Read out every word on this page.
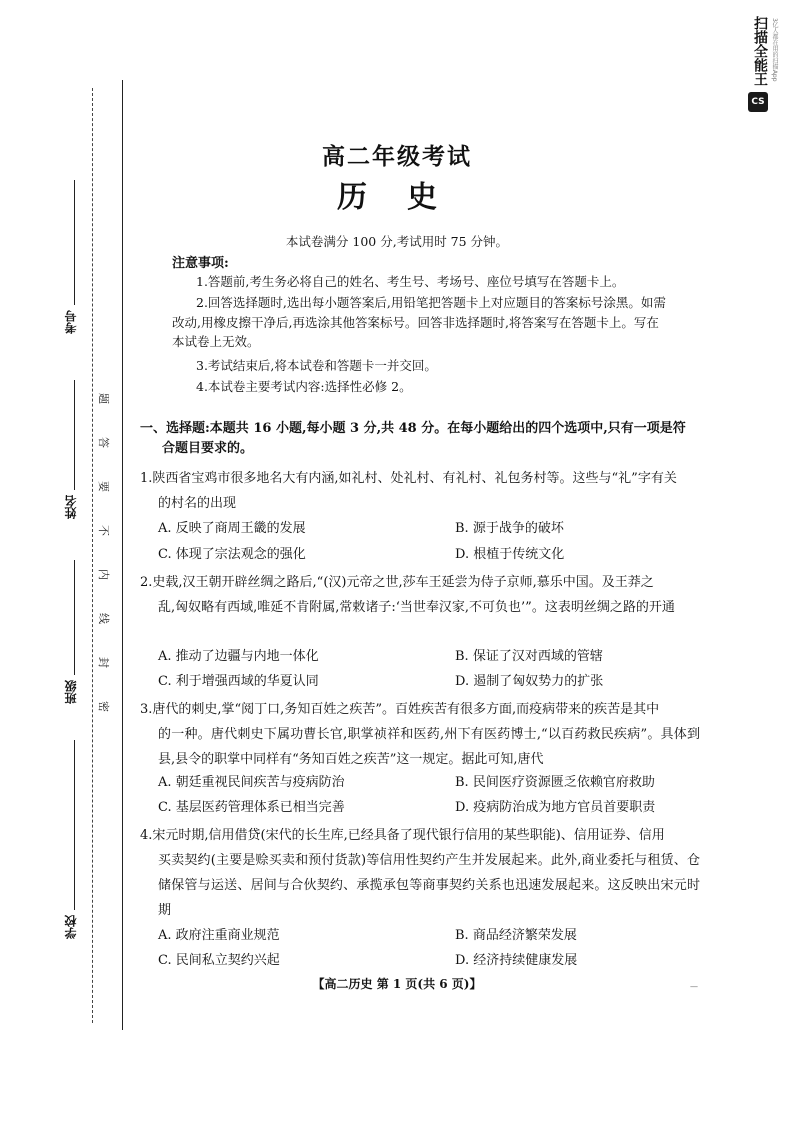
扫描全能王 3亿人都在用的扫描App
CS
考号
姓名
班级
学校
题
答
要
不
内
线
封
密
高二年级考试
历史
本试卷满分 100 分,考试用时 75 分钟。
注意事项:
1.答题前,考生务必将自己的姓名、考生号、考场号、座位号填写在答题卡上。
2.回答选择题时,选出每小题答案后,用铅笔把答题卡上对应题目的答案标号涂黑。如需改动,用橡皮擦干净后,再选涂其他答案标号。回答非选择题时,将答案写在答题卡上。写在本试卷上无效。
3.考试结束后,将本试卷和答题卡一并交回。
4.本试卷主要考试内容:选择性必修 2。
一、选择题:本题共 16 小题,每小题 3 分,共 48 分。在每小题给出的四个选项中,只有一项是符
合题目要求的。
1.陕西省宝鸡市很多地名大有内涵,如礼村、处礼村、有礼村、礼包务村等。这些与“礼”字有关
的村名的出现
A. 反映了商周王畿的发展	B. 源于战争的破坏
C. 体现了宗法观念的强化	D. 根植于传统文化
2.史载,汉王朝开辟丝绸之路后,“(汉)元帝之世,莎车王延尝为侍子京师,慕乐中国。及王莽之
乱,匈奴略有西域,唯延不肯附属,常敕诸子:‘当世奉汉家,不可负也’”。这表明丝绸之路的开通
A. 推动了边疆与内地一体化	B. 保证了汉对西域的管辖
C. 利于增强西域的华夏认同	D. 遏制了匈奴势力的扩张
3.唐代的刺史,掌“阅丁口,务知百姓之疾苦”。百姓疾苦有很多方面,而疫病带来的疾苦是其中
的一种。唐代刺史下属功曹长官,职掌祯祥和医药,州下有医药博士,“以百药救民疾病”。具体到县,县令的职掌中同样有“务知百姓之疾苦”这一规定。据此可知,唐代
A. 朝廷重视民间疾苦与疫病防治	B. 民间医疗资源匮乏依赖官府救助
C. 基层医药管理体系已相当完善	D. 疫病防治成为地方官员首要职责
4.宋元时期,信用借贷(宋代的长生库,已经具备了现代银行信用的某些职能)、信用证券、信用
买卖契约(主要是赊买卖和预付货款)等信用性契约产生并发展起来。此外,商业委托与租赁、仓储保管与运送、居间与合伙契约、承揽承包等商事契约关系也迅速发展起来。这反映出宋元时期
A. 政府注重商业规范	B. 商品经济繁荣发展
C. 民间私立契约兴起	D. 经济持续健康发展
【高二历史 第 1 页(共 6 页)】	—
